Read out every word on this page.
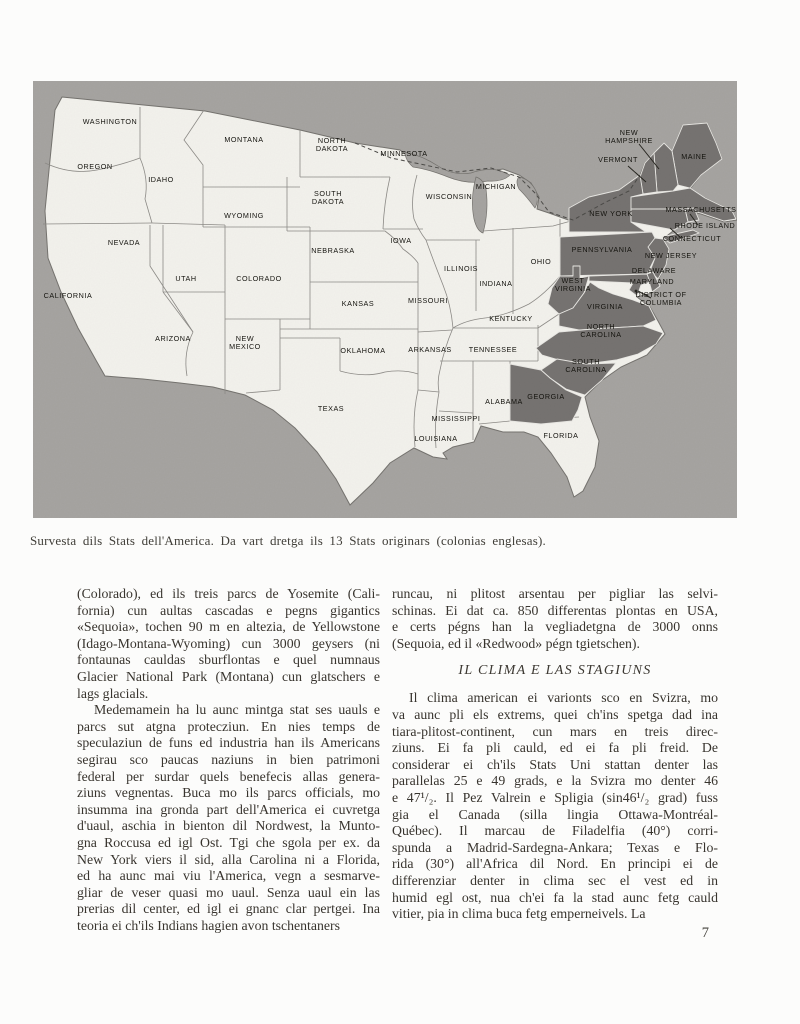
WASHINGTON
OREGON
CALIFORNIA
IDAHO
NEVADA
UTAH
ARIZONA
MONTANA
WYOMING
COLORADO
NEW MEXICO
NORTH DAKOTA
SOUTH DAKOTA
NEBRASKA
KANSAS
OKLAHOMA
TEXAS
MINNESOTA
IOWA
MISSOURI
ARKANSAS
LOUISIANA
WISCONSIN
ILLINOIS
MICHIGAN
INDIANA
OHIO
KENTUCKY
TENNESSEE
MISSISSIPPI
ALABAMA
GEORGIA
FLORIDA
NEW YORK
PENNSYLVANIA
WEST VIRGINIA
VIRGINIA
NORTH CAROLINA
SOUTH CAROLINA
VERMONT
NEW HAMPSHIRE
MAINE
MASSACHUSETTS
RHODE ISLAND
CONNECTICUT
NEW JERSEY
DELAWARE
MARYLAND
DISTRICT OF COLUMBIA
Survesta dils Stats dell'America. Da vart dretga ils 13 Stats originars (colonias englesas).
(Colorado), ed ils treis parcs de Yosemite (Cali-
fornia) cun aultas cascadas e pegns gigantics
«Sequoia», tochen 90 m en altezia, de Yellowstone
(Idago-Montana-Wyoming) cun 3000 geysers (ni
fontaunas cauldas sburflontas e quel numnaus
Glacier National Park (Montana) cun glatschers e
lags glacials.
Medemamein ha lu aunc mintga stat ses uauls e
parcs sut atgna protecziun. En nies temps de
speculaziun de funs ed industria han ils Americans
segirau sco paucas naziuns in bien patrimoni
federal per surdar quels benefecis allas genera-
ziuns vegnentas. Buca mo ils parcs officials, mo
insumma ina gronda part dell'America ei cuvretga
d'uaul, aschia in bienton dil Nordwest, la Munto-
gna Roccusa ed igl Ost. Tgi che sgola per ex. da
New York viers il sid, alla Carolina ni a Florida,
ed ha aunc mai viu l'America, vegn a sesmarve-
gliar de veser quasi mo uaul. Senza uaul ein las
prerias dil center, ed igl ei gnanc clar pertgei. Ina
teoria ei ch'ils Indians hagien avon tschentaners
runcau, ni plitost arsentau per pigliar las selvi-
schinas. Ei dat ca. 850 differentas plontas en USA,
e certs pégns han la vegliadetgna de 3000 onns
(Sequoia, ed il «Redwood» pégn tgietschen).
IL CLIMA E LAS STAGIUNS
Il clima american ei varionts sco en Svizra, mo
va aunc pli els extrems, quei ch'ins spetga dad ina
tiara-plitost-continent, cun mars en treis direc-
ziuns. Ei fa pli cauld, ed ei fa pli freid. De
considerar ei ch'ils Stats Uni stattan denter las
parallelas 25 e 49 grads, e la Svizra mo denter 46
e 47¹/₂. Il Pez Valrein e Spligia (sin46¹/₂ grad) fuss
gia el Canada (silla lingia Ottawa-Montréal-
Québec). Il marcau de Filadelfia (40°) corri-
spunda a Madrid-Sardegna-Ankara; Texas e Flo-
rida (30°) all'Africa dil Nord. En principi ei de
differenziar denter in clima sec el vest ed in
humid egl ost, nua ch'ei fa la stad aunc fetg cauld
vitier, pia in clima buca fetg emperneivels. La
7
